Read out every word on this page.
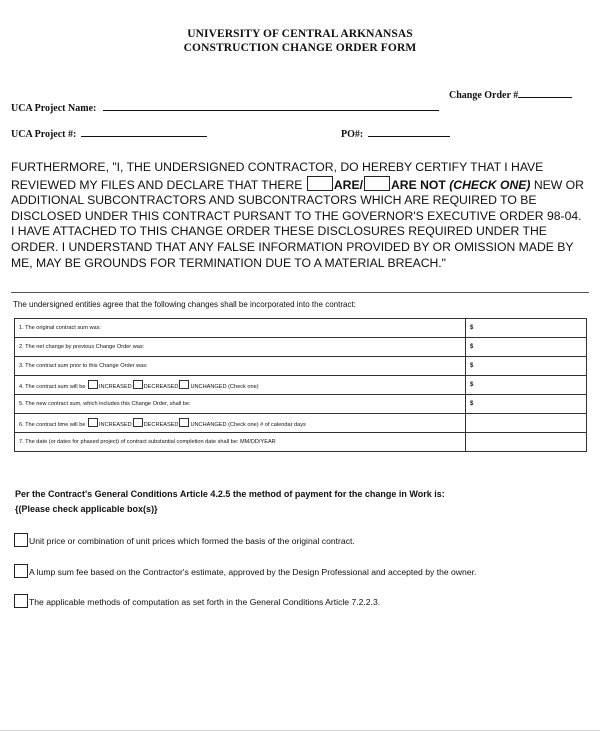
UNIVERSITY OF CENTRAL ARKNANSAS
CONSTRUCTION CHANGE ORDER FORM
Change Order #
UCA Project Name:
UCA Project #:	PO#:
FURTHERMORE, "I, THE UNDERSIGNED CONTRACTOR, DO HEREBY CERTIFY THAT I HAVE REVIEWED MY FILES AND DECLARE THAT THERE	ARE/ ARE NOT (CHECK ONE) NEW OR ADDITIONAL SUBCONTRACTORS AND SUBCONTRACTORS WHICH ARE REQUIRED TO BE DISCLOSED UNDER THIS CONTRACT PURSANT TO THE GOVERNOR'S EXECUTIVE ORDER 98-04. I HAVE ATTACHED TO THIS CHANGE ORDER THESE DISCLOSURES REQUIRED UNDER THE ORDER. I UNDERSTAND THAT ANY FALSE INFORMATION PROVIDED BY OR OMISSION MADE BY ME, MAY BE GROUNDS FOR TERMINATION DUE TO A MATERIAL BREACH."
The undersigned entities agree that the following changes shall be incorporated into the contract:
1. The original contract sum was:	$
2. The net change by previous Change Order was:	$
3. The contract sum prior to this Change Order was:	$
4. The contract sum will be INCREASED DECREASED UNCHANGED (Check one)	$
5. The new contract sum, which includes this Change Order, shall be:	$
6. The contract time will be INCREASED DECREASED UNCHANGED (Check one) # of calendar days	
7. The date (or dates for phased project) of contract substantial completion date shall be: MM/DD/YEAR	
Per the Contract's General Conditions Article 4.2.5 the method of payment for the change in Work is:
{(Please check applicable box(s)}
Unit price or combination of unit prices which formed the basis of the original contract.
A lump sum fee based on the Contractor's estimate, approved by the Design Professional and accepted by the owner.
The applicable methods of computation as set forth in the General Conditions Article 7.2.2.3.
